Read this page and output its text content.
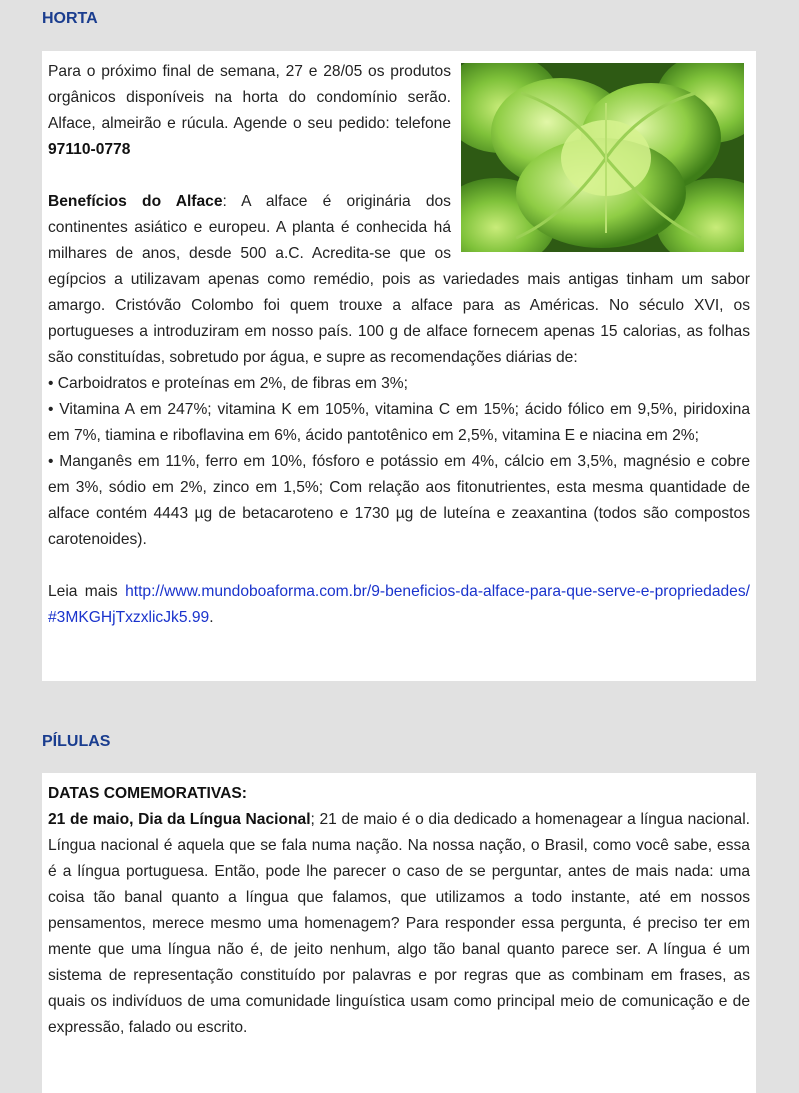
HORTA

Para o próximo final de semana, 27 e 28/05 os produtos orgânicos disponíveis na horta do condomínio serão. Alface, almeirão e rúcula. Agende o seu pedido: telefone 97110-0778

Benefícios do Alface: A alface é originária dos continentes asiático e europeu. A planta é conhecida há milhares de anos, desde 500 a.C. Acredita-se que os egípcios a utilizavam apenas como remédio, pois as variedades mais antigas tinham um sabor amargo. Cristóvão Colombo foi quem trouxe a alface para as Américas. No século XVI, os portugueses a introduziram em nosso país. 100 g de alface fornecem apenas 15 calorias, as folhas são constituídas, sobretudo por água, e supre as recomendações diárias de:

• Carboidratos e proteínas em 2%, de fibras em 3%;

• Vitamina A em 247%; vitamina K em 105%, vitamina C em 15%; ácido fólico em 9,5%, piridoxina em 7%, tiamina e riboflavina em 6%, ácido pantotênico em 2,5%, vitamina E e niacina em 2%;

• Manganês em 11%, ferro em 10%, fósforo e potássio em 4%, cálcio em 3,5%, magnésio e cobre em 3%, sódio em 2%, zinco em 1,5%; Com relação aos fitonutrientes, esta mesma quantidade de alface contém 4443 µg de betacaroteno e 1730 µg de luteína e zeaxantina (todos são compostos carotenoides).

Leia mais http://www.mundoboaforma.com.br/9-beneficios-da-alface-para-que-serve-e-propriedades/#3MKGHjTxzxlicJk5.99.

PÍLULAS

DATAS COMEMORATIVAS:

21 de maio, Dia da Língua Nacional; 21 de maio é o dia dedicado a homenagear a língua nacional. Língua nacional é aquela que se fala numa nação. Na nossa nação, o Brasil, como você sabe, essa é a língua portuguesa. Então, pode lhe parecer o caso de se perguntar, antes de mais nada: uma coisa tão banal quanto a língua que falamos, que utilizamos a todo instante, até em nossos pensamentos, merece mesmo uma homenagem? Para responder essa pergunta, é preciso ter em mente que uma língua não é, de jeito nenhum, algo tão banal quanto parece ser. A língua é um sistema de representação constituído por palavras e por regras que as combinam em frases, as quais os indivíduos de uma comunidade linguística usam como principal meio de comunicação e de expressão, falado ou escrito.
